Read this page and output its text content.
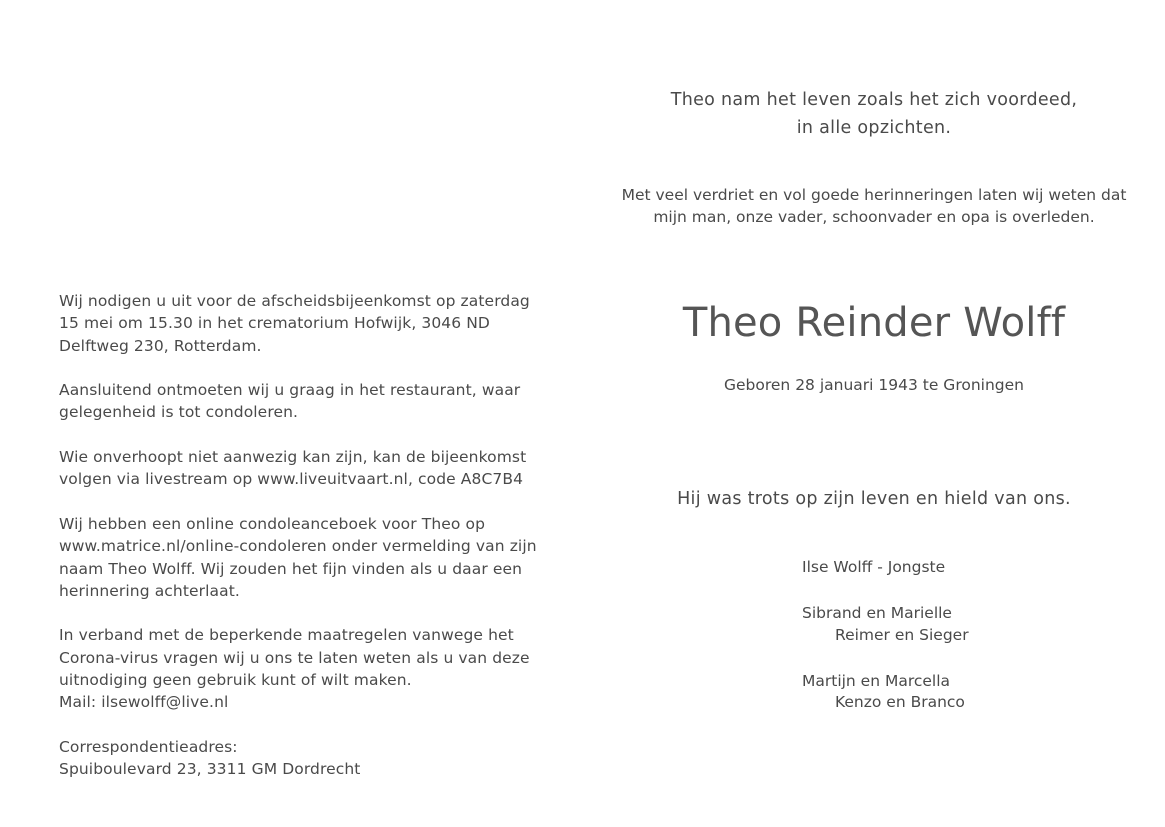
Wij nodigen u uit voor de afscheidsbijeenkomst op zaterdag
15 mei om 15.30 in het crematorium Hofwijk, 3046 ND
Delftweg 230, Rotterdam.

Aansluitend ontmoeten wij u graag in het restaurant, waar
gelegenheid is tot condoleren.

Wie onverhoopt niet aanwezig kan zijn, kan de bijeenkomst
volgen via livestream op www.liveuitvaart.nl, code A8C7B4

Wij hebben een online condoleanceboek voor Theo op
www.matrice.nl/online-condoleren onder vermelding van zijn
naam Theo Wolff. Wij zouden het fijn vinden als u daar een
herinnering achterlaat.

In verband met de beperkende maatregelen vanwege het
Corona-virus vragen wij u ons te laten weten als u van deze
uitnodiging geen gebruik kunt of wilt maken.
Mail: ilsewolff@live.nl

Correspondentieadres:
Spuiboulevard 23, 3311 GM Dordrecht

Theo nam het leven zoals het zich voordeed,
in alle opzichten.
Met veel verdriet en vol goede herinneringen laten wij weten dat
mijn man, onze vader, schoonvader en opa is overleden.
Theo Reinder Wolff
Geboren 28 januari 1943 te Groningen
Hij was trots op zijn leven en hield van ons.
Ilse Wolff - Jongste
Sibrand en Marielle
Reimer en Sieger
Martijn en Marcella
Kenzo en Branco
